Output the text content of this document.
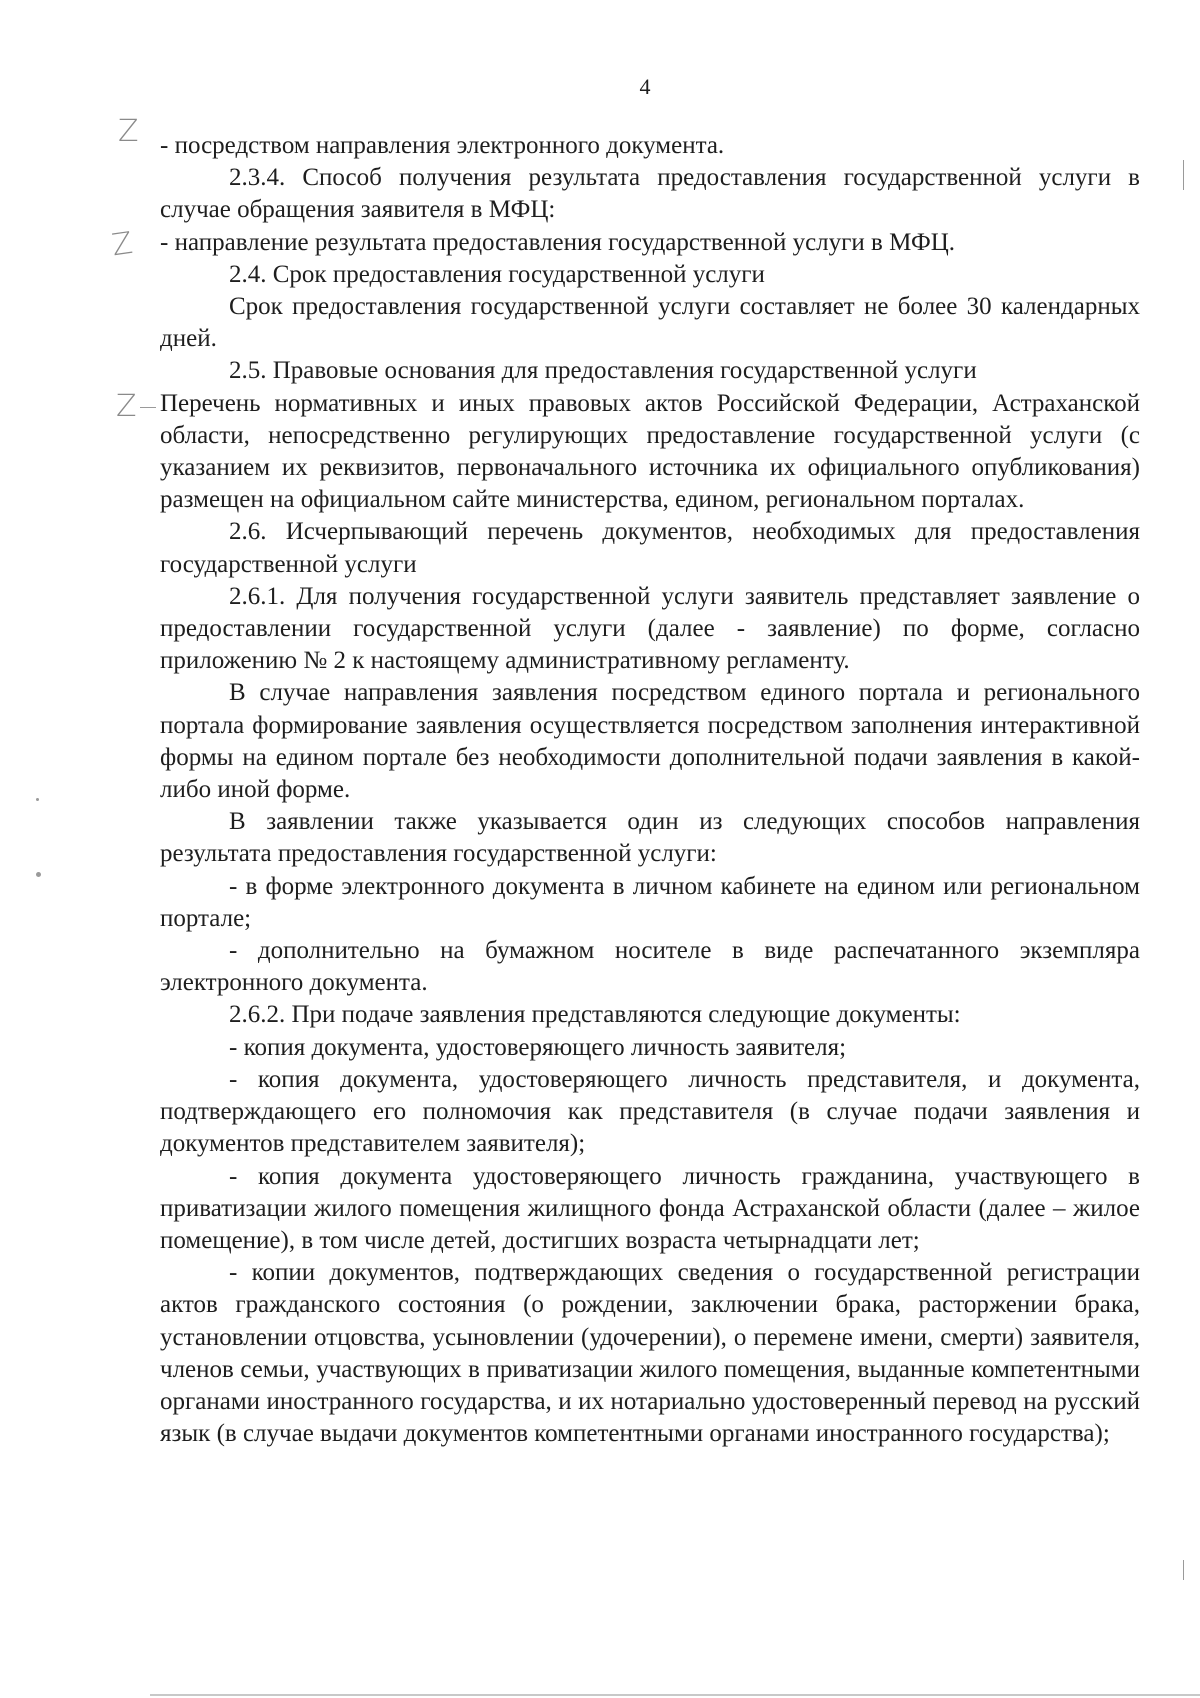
4
Z
Z
Z

- посредством направления электронного документа.

2.3.4. Способ получения результата предоставления государственной услуги в случае обращения заявителя в МФЦ:

- направление результата предоставления государственной услуги в МФЦ.

2.4. Срок предоставления государственной услуги

Срок предоставления государственной услуги составляет не более 30 календарных дней.

2.5. Правовые основания для предоставления государственной услуги

Перечень нормативных и иных правовых актов Российской Федерации, Астраханской области, непосредственно регулирующих предоставление государственной услуги (с указанием их реквизитов, первоначального источника их официального опубликования) размещен на официальном сайте министерства, едином, региональном порталах.

2.6. Исчерпывающий перечень документов, необходимых для предоставления государственной услуги

2.6.1. Для получения государственной услуги заявитель представляет заявление о предоставлении государственной услуги (далее - заявление) по форме, согласно приложению № 2 к настоящему административному регламенту.

В случае направления заявления посредством единого портала и регионального портала формирование заявления осуществляется посредством заполнения интерактивной формы на едином портале без необходимости дополнительной подачи заявления в какой-либо иной форме.

В заявлении также указывается один из следующих способов направления результата предоставления государственной услуги:

- в форме электронного документа в личном кабинете на едином или региональном портале;

- дополнительно на бумажном носителе в виде распечатанного экземпляра электронного документа.

2.6.2. При подаче заявления представляются следующие документы:

- копия документа, удостоверяющего личность заявителя;

- копия документа, удостоверяющего личность представителя, и документа, подтверждающего его полномочия как представителя (в случае подачи заявления и документов представителем заявителя);

- копия документа удостоверяющего личность гражданина, участвующего в приватизации жилого помещения жилищного фонда Астраханской области (далее – жилое помещение), в том числе детей, достигших возраста четырнадцати лет;

- копии документов, подтверждающих сведения о государственной регистрации актов гражданского состояния (о рождении, заключении брака, расторжении брака, установлении отцовства, усыновлении (удочерении), о перемене имени, смерти) заявителя, членов семьи, участвующих в приватизации жилого помещения, выданные компетентными органами иностранного государства, и их нотариально удостоверенный перевод на русский язык (в случае выдачи документов компетентными органами иностранного государства);
